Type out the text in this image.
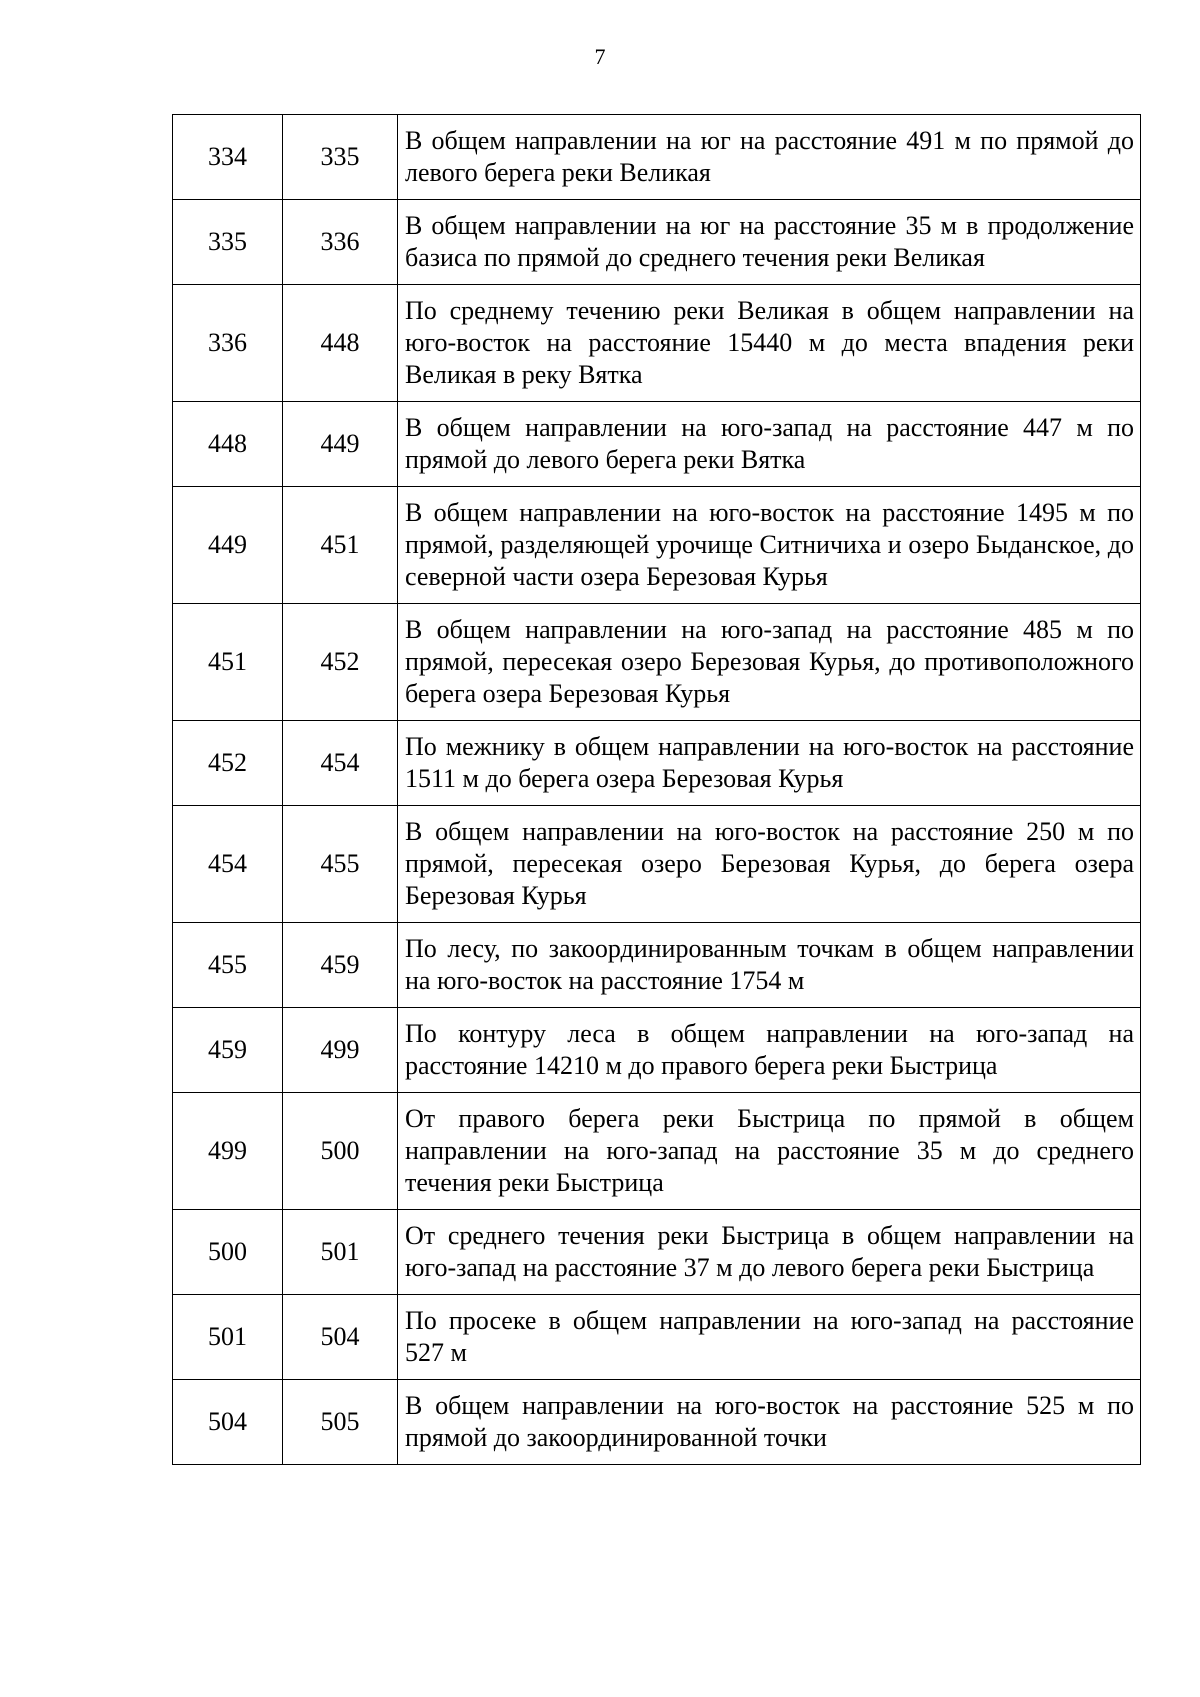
7
334	335	В общем направлении на юг на расстояние 491 м по прямой до левого берега реки Великая
335	336	В общем направлении на юг на расстояние 35 м в продолжение базиса по прямой до среднего течения реки Великая
336	448	По среднему течению реки Великая в общем направлении на юго-восток на расстояние 15440 м до места впадения реки Великая в реку Вятка
448	449	В общем направлении на юго-запад на расстояние 447 м по прямой до левого берега реки Вятка
449	451	В общем направлении на юго-восток на расстояние 1495 м по прямой, разделяющей урочище Ситничиха и озеро Быданское, до северной части озера Березовая Курья
451	452	В общем направлении на юго-запад на расстояние 485 м по прямой, пересекая озеро Березовая Курья, до противоположного берега озера Березовая Курья
452	454	По межнику в общем направлении на юго-восток на расстояние 1511 м до берега озера Березовая Курья
454	455	В общем направлении на юго-восток на расстояние 250 м по прямой, пересекая озеро Березовая Курья, до берега озера Березовая Курья
455	459	По лесу, по закоординированным точкам в общем направлении на юго-восток на расстояние 1754 м
459	499	По контуру леса в общем направлении на юго-запад на расстояние 14210 м до правого берега реки Быстрица
499	500	От правого берега реки Быстрица по прямой в общем направлении на юго-запад на расстояние 35 м до среднего течения реки Быстрица
500	501	От среднего течения реки Быстрица в общем направлении на юго-запад на расстояние 37 м до левого берега реки Быстрица
501	504	По просеке в общем направлении на юго-запад на расстояние 527 м
504	505	В общем направлении на юго-восток на расстояние 525 м по прямой до закоординированной точки
